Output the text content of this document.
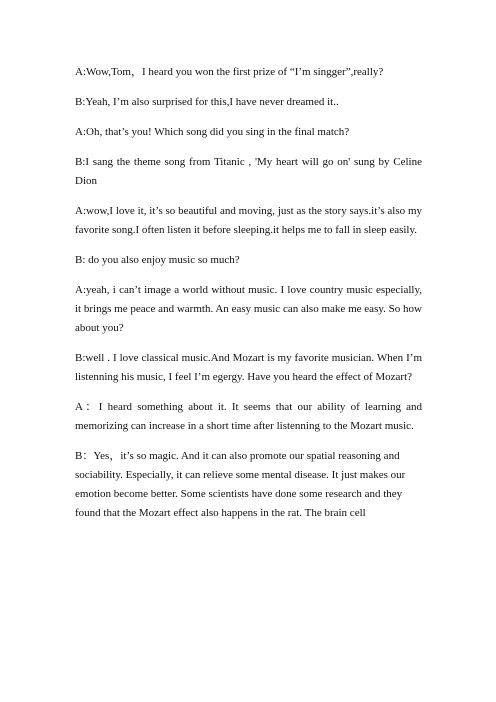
A:Wow,Tom，I heard you won the first prize of “I’m singger”,really?

B:Yeah, I’m also surprised for this,I have never dreamed it..

A:Oh, that’s you! Which song did you sing in the final match?

B:I sang the theme song from Titanic , 'My heart will go on' sung by Celine Dion

A:wow,I love it, it’s so beautiful and moving, just as the story says.it’s also my favorite song.I often listen it before sleeping.it helps me to fall in sleep easily.

B: do you also enjoy music so much?

A:yeah, i can’t image a world without music. I love country music especially, it brings me peace and warmth. An easy music can also make me easy. So how about you?

B:well . I love classical music.And Mozart is my favorite musician. When I’m listenning his music, I feel I’m egergy. Have you heard the effect of Mozart?

A：I heard something about it. It seems that our ability of learning and memorizing can increase in a short time after listenning to the Mozart music.

B：Yes，it’s so magic. And it can also promote our spatial reasoning and sociability. Especially, it can relieve some mental disease. It just makes our emotion become better. Some scientists have done some research and they found that the Mozart effect also happens in the rat. The brain cell
